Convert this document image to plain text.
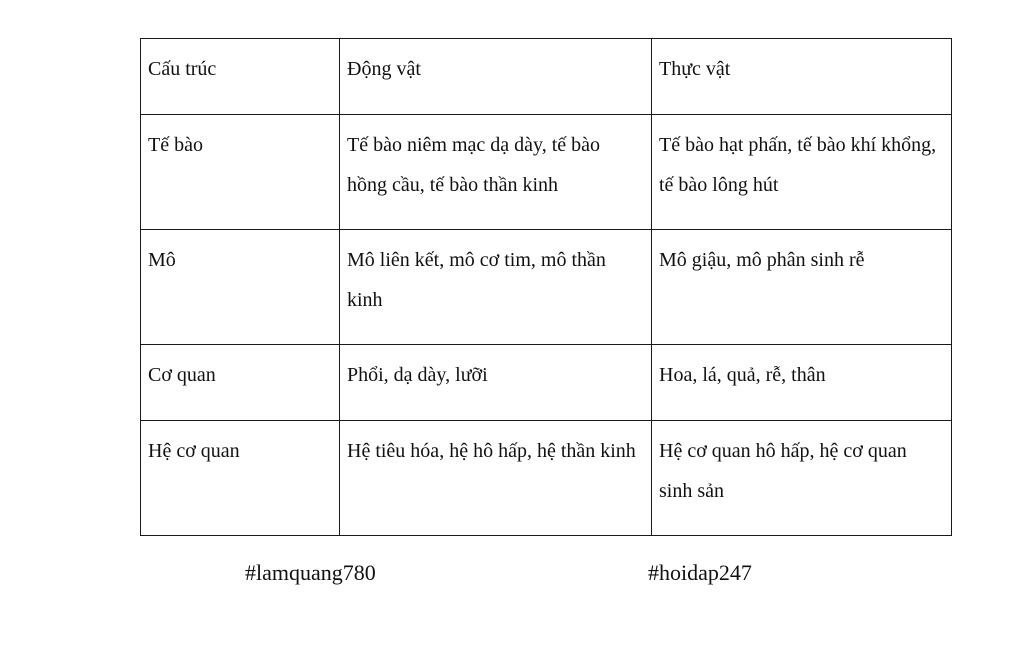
Cấu trúc	Động vật	Thực vật

Tế bào	Tế bào niêm mạc dạ dày, tế bào hồng cầu, tế bào thần kinh	Tế bào hạt phấn, tế bào khí khổng, tế bào lông hút

Mô	Mô liên kết, mô cơ tim, mô thần kinh	Mô giậu, mô phân sinh rễ

Cơ quan	Phổi, dạ dày, lưỡi	Hoa, lá, quả, rễ, thân

Hệ cơ quan	Hệ tiêu hóa, hệ hô hấp, hệ thần kinh	Hệ cơ quan hô hấp, hệ cơ quan sinh sản
#lamquang780	#hoidap247
